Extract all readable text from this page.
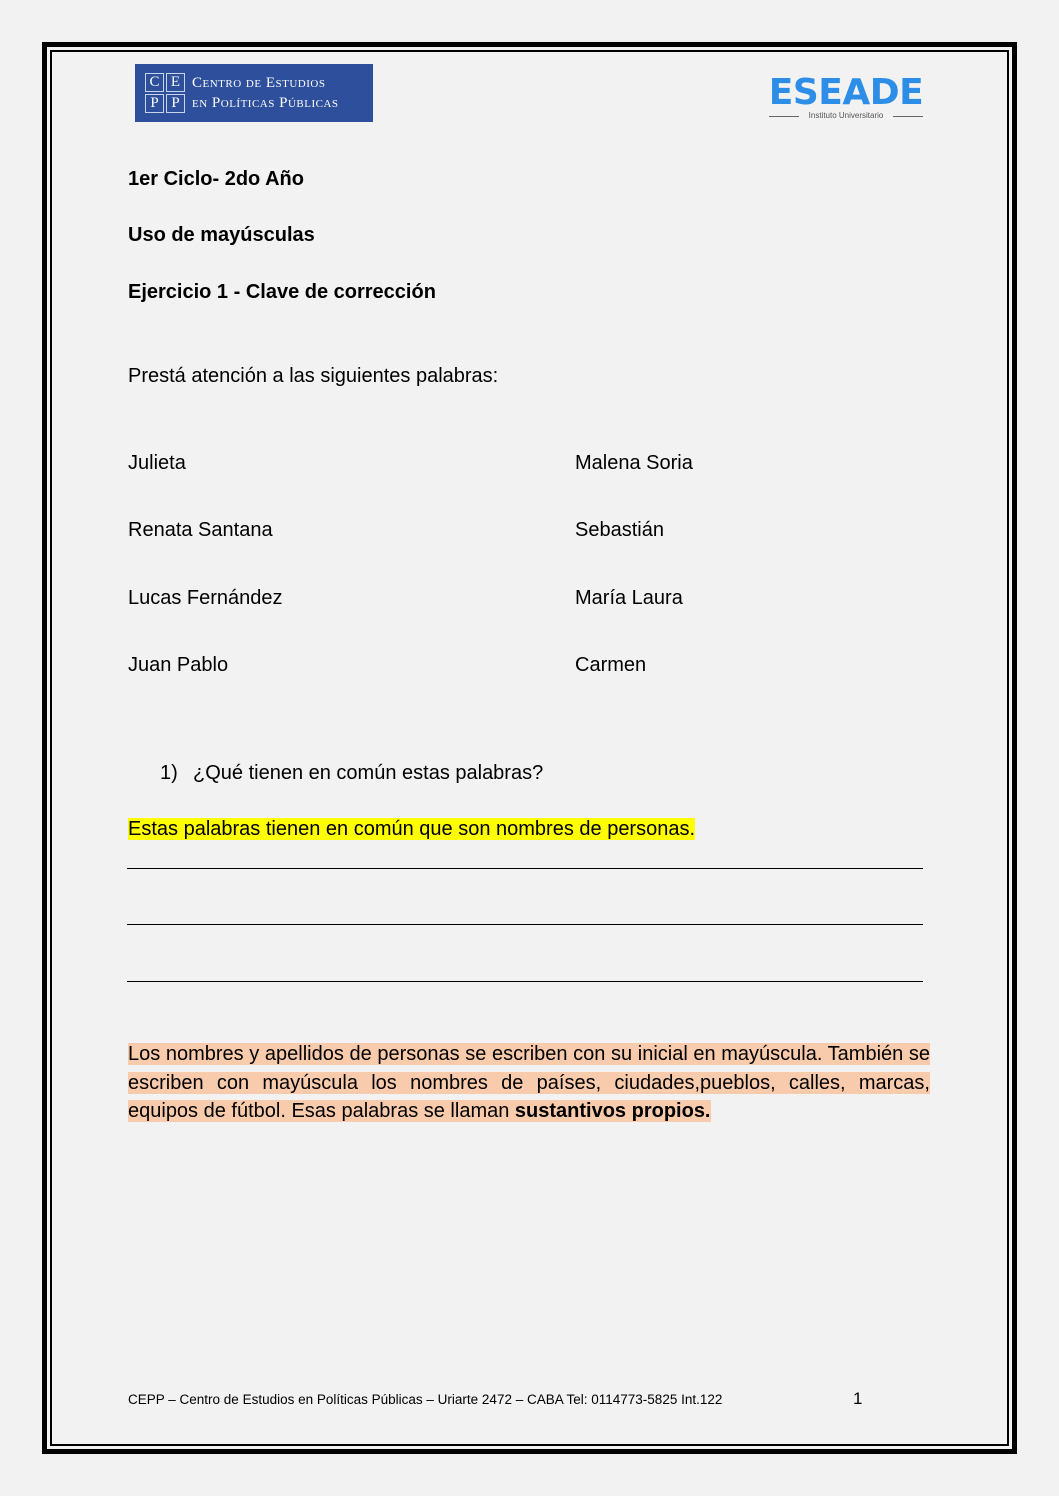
C E
P P
Centro de Estudios
en Políticas Públicas	ESEADE
Instituto Universitario
1er Ciclo- 2do Año
Uso de mayúsculas
Ejercicio 1 - Clave de corrección
Prestá atención a las siguientes palabras:
Julieta
Renata Santana
Lucas Fernández
Juan Pablo
Malena Soria
Sebastián
María Laura
Carmen
1) ¿Qué tienen en común estas palabras?
Estas palabras tienen en común que son nombres de personas.
Los nombres y apellidos de personas se escriben con su inicial en mayúscula. También se escriben con mayúscula los nombres de países, ciudades,pueblos, calles, marcas, equipos de fútbol. Esas palabras se llaman sustantivos propios.
CEPP – Centro de Estudios en Políticas Públicas – Uriarte 2472 – CABA Tel: 0114773-5825 Int.122	1
